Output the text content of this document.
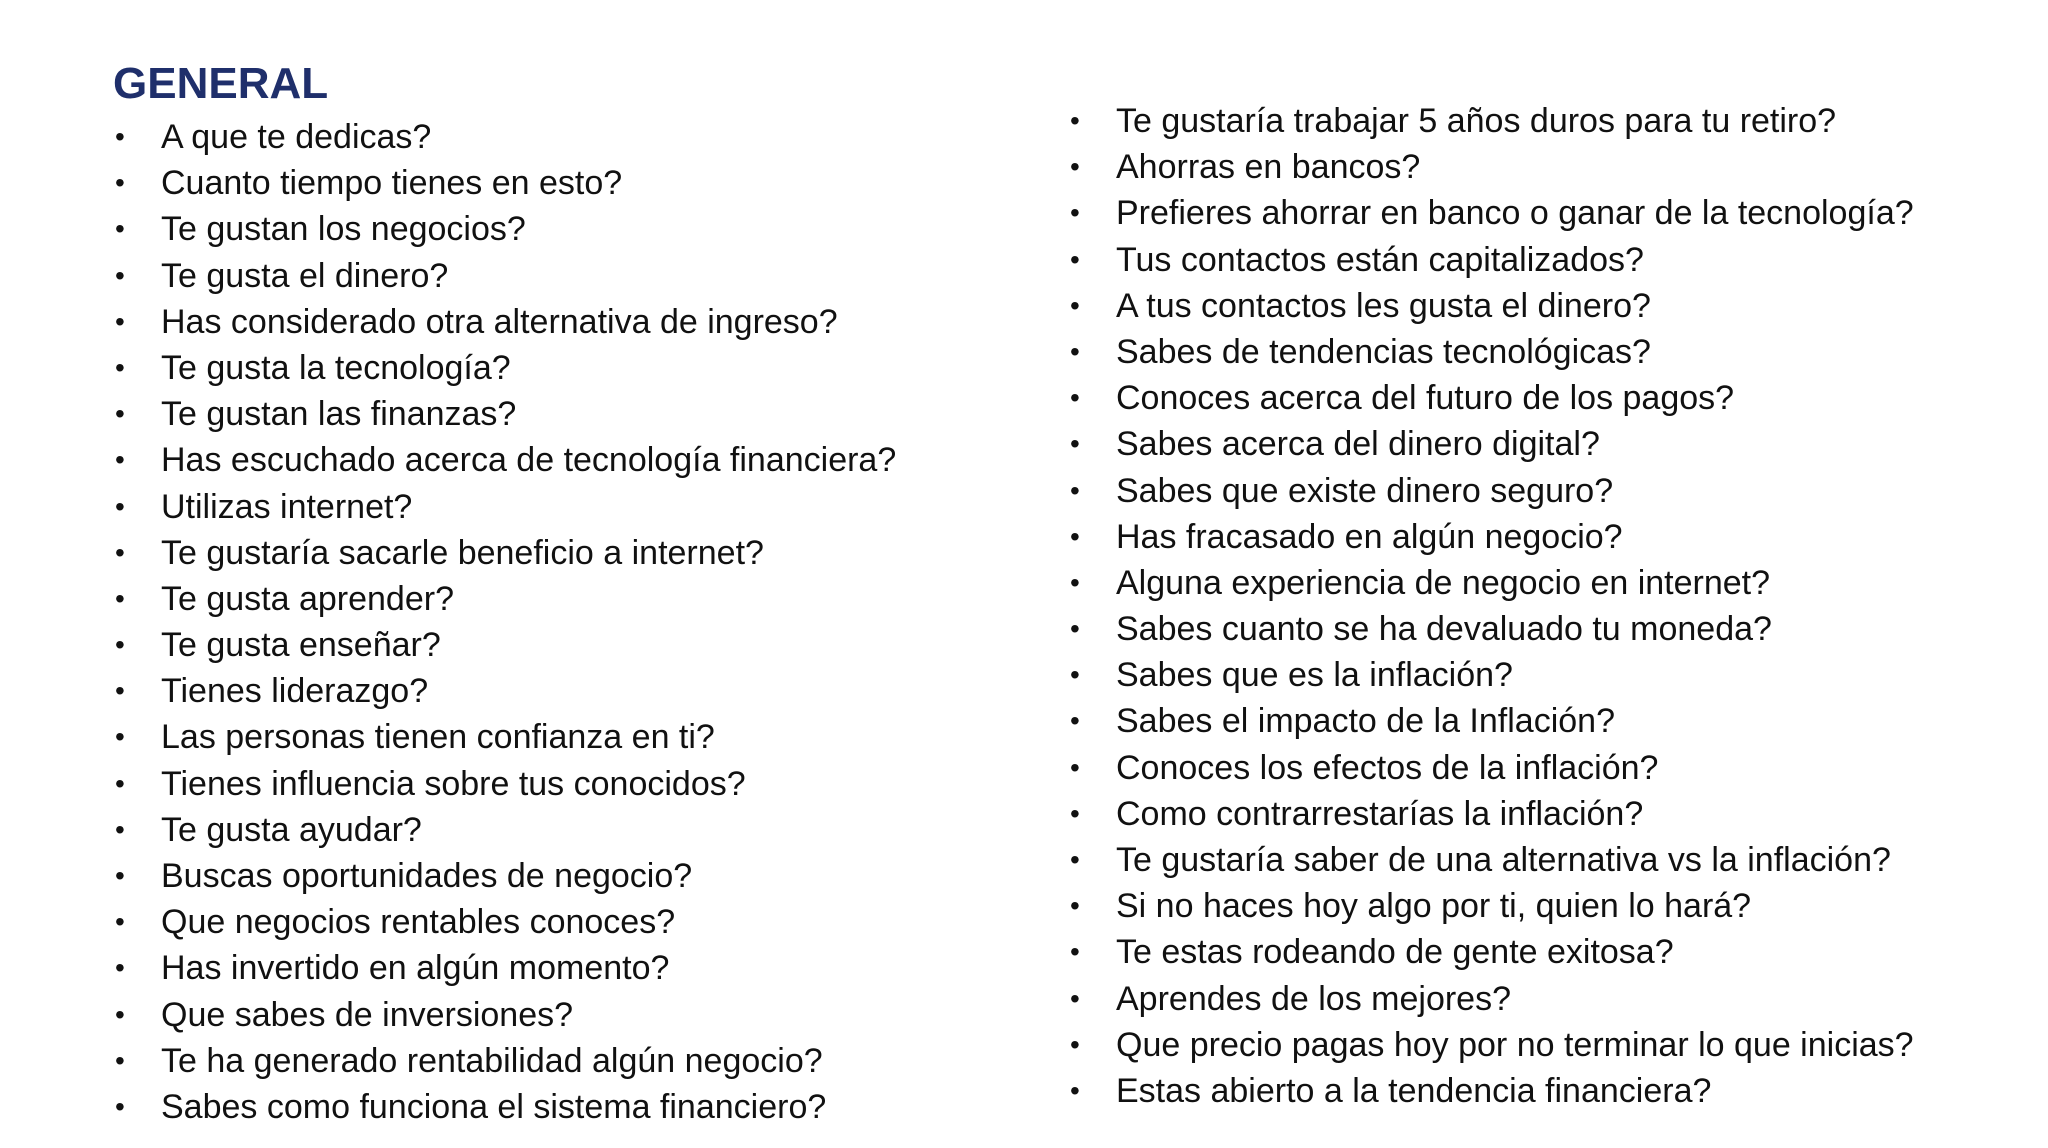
GENERAL
• A que te dedicas?
• Cuanto tiempo tienes en esto?
• Te gustan los negocios?
• Te gusta el dinero?
• Has considerado otra alternativa de ingreso?
• Te gusta la tecnología?
• Te gustan las finanzas?
• Has escuchado acerca de tecnología financiera?
• Utilizas internet?
• Te gustaría sacarle beneficio a internet?
• Te gusta aprender?
• Te gusta enseñar?
• Tienes liderazgo?
• Las personas tienen confianza en ti?
• Tienes influencia sobre tus conocidos?
• Te gusta ayudar?
• Buscas oportunidades de negocio?
• Que negocios rentables conoces?
• Has invertido en algún momento?
• Que sabes de inversiones?
• Te ha generado rentabilidad algún negocio?
• Sabes como funciona el sistema financiero?
• Te gustaría trabajar 5 años duros para tu retiro?
• Ahorras en bancos?
• Prefieres ahorrar en banco o ganar de la tecnología?
• Tus contactos están capitalizados?
• A tus contactos les gusta el dinero?
• Sabes de tendencias tecnológicas?
• Conoces acerca del futuro de los pagos?
• Sabes acerca del dinero digital?
• Sabes que existe dinero seguro?
• Has fracasado en algún negocio?
• Alguna experiencia de negocio en internet?
• Sabes cuanto se ha devaluado tu moneda?
• Sabes que es la inflación?
• Sabes el impacto de la Inflación?
• Conoces los efectos de la inflación?
• Como contrarrestarías la inflación?
• Te gustaría saber de una alternativa vs la inflación?
• Si no haces hoy algo por ti, quien lo hará?
• Te estas rodeando de gente exitosa?
• Aprendes de los mejores?
• Que precio pagas hoy por no terminar lo que inicias?
• Estas abierto a la tendencia financiera?
